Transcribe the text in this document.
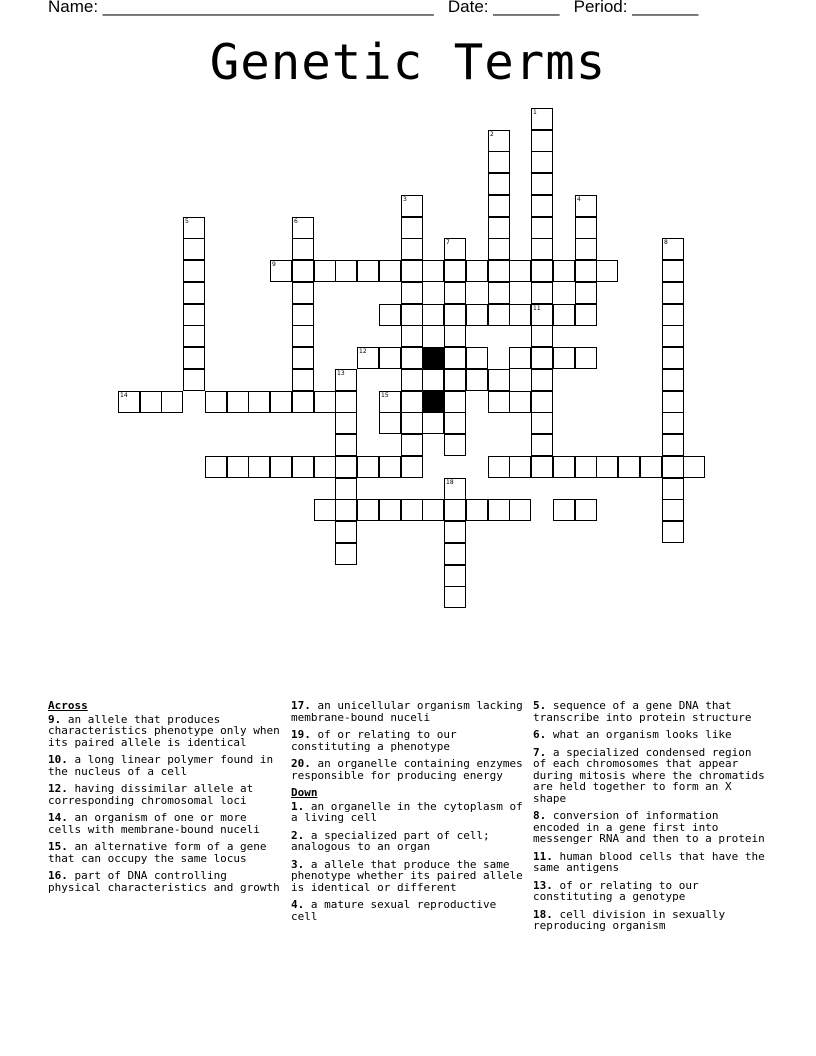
Name: ___________________________________ Date: _______ Period: _______
Genetic Terms
1
11
2
3	4
5	6
7	8
9
12
13
14	15
18
Across
9. an allele that produces characteristics phenotype only when its paired allele is identical
10. a long linear polymer found in the nucleus of a cell
12. having dissimilar allele at corresponding chromosomal loci
14. an organism of one or more cells with membrane-bound nuceli
15. an alternative form of a gene that can occupy the same locus
16. part of DNA controlling physical characteristics and growth
17. an unicellular organism lacking membrane-bound nuceli
19. of or relating to our constituting a phenotype
20. an organelle containing enzymes responsible for producing energy
Down
1. an organelle in the cytoplasm of a living cell
2. a specialized part of cell; analogous to an organ
3. a allele that produce the same phenotype whether its paired allele is identical or different
4. a mature sexual reproductive cell
5. sequence of a gene DNA that transcribe into protein structure
6. what an organism looks like
7. a specialized condensed region of each chromosomes that appear during mitosis where the chromatids are held together to form an X shape
8. conversion of information encoded in a gene first into messenger RNA and then to a protein
11. human blood cells that have the same antigens
13. of or relating to our constituting a genotype
18. cell division in sexually reproducing organism
